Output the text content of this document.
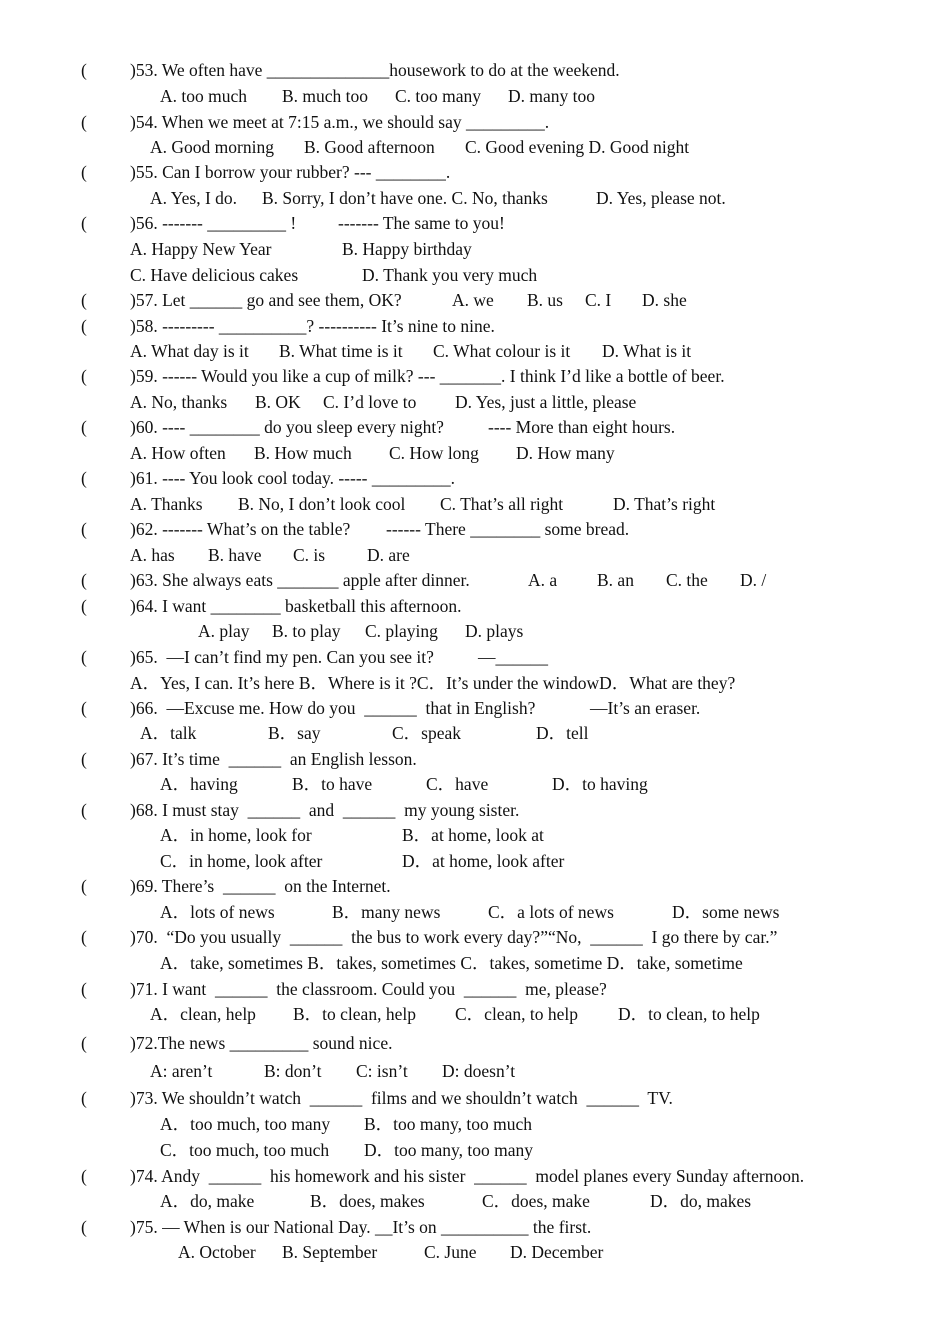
( )53. We often have ______________housework to do at the weekend.
A. too much B. much too C. too many D. many too
( )54. When we meet at 7:15 a.m., we should say _________.
A. Good morning B. Good afternoon C. Good evening D. Good night
( )55. Can I borrow your rubber? --- ________.
A. Yes, I do. B. Sorry, I don’t have one. C. No, thanks	D. Yes, please not.
( )56. ------- _________ ! ------- The same to you!
A. Happy New Year	B. Happy birthday
C. Have delicious cakes	D. Thank you very much
( )57. Let ______ go and see them, OK?	A. we B. us C. I D. she
( )58. --------- __________? ---------- It’s nine to nine.
A. What day is it B. What time is it C. What colour is it D. What is it
( )59. ------ Would you like a cup of milk? --- _______. I think I’d like a bottle of beer.
A. No, thanks B. OK C. I’d love to D. Yes, just a little, please
( )60. ---- ________ do you sleep every night?	---- More than eight hours.
A. How often B. How much C. How long D. How many
( )61. ---- You look cool today. ----- _________.
A. Thanks B. No, I don’t look cool C. That’s all right	D. That’s right
( )62. ------- What’s on the table? ------ There ________ some bread.
A. has B. have C. is D. are
( )63. She always eats _______ apple after dinner.	A. a B. an C. the D. /
( )64. I want ________ basketball this afternoon.
A. play B. to play C. playing D. plays
( )65.  —I can’t find my pen. Can you see it?	—______
A．Yes, I can. It’s here B．Where is it ?C．It’s under the windowD．What are they?
( )66.  —Excuse me. How do you  ______  that in English?	—It’s an eraser.
A．talk	B．say	C．speak	D．tell
( )67. It’s time  ______  an English lesson.
A．having	B．to have	C．have	D．to having
( )68. I must stay  ______  and  ______  my young sister.
A．in home, look for	B．at home, look at
C．in home, look after	D．at home, look after
( )69. There’s  ______  on the Internet.
A．lots of news	B．many news	C．a lots of news	D．some news
( )70.  “Do you usually  ______  the bus to work every day?”“No,  ______  I go there by car.”
A．take, sometimes B．takes, sometimes C．takes, sometime D．take, sometime
( )71. I want  ______  the classroom. Could you  ______  me, please?
A．clean, help B．to clean, help C．clean, to help D．to clean, to help
( )72.The news _________ sound nice.
A: aren’t	B: don’t C: isn’t D: doesn’t
( )73. We shouldn’t watch  ______  films and we shouldn’t watch  ______  TV.
A．too much, too many B．too many, too much
C．too much, too much D．too many, too many
( )74. Andy  ______  his homework and his sister  ______  model planes every Sunday afternoon.
A．do, make	B．does, makes	C．does, make	D．do, makes
( )75. — When is our National Day. __It’s on __________ the first.
A. October B. September	C. June D. December
